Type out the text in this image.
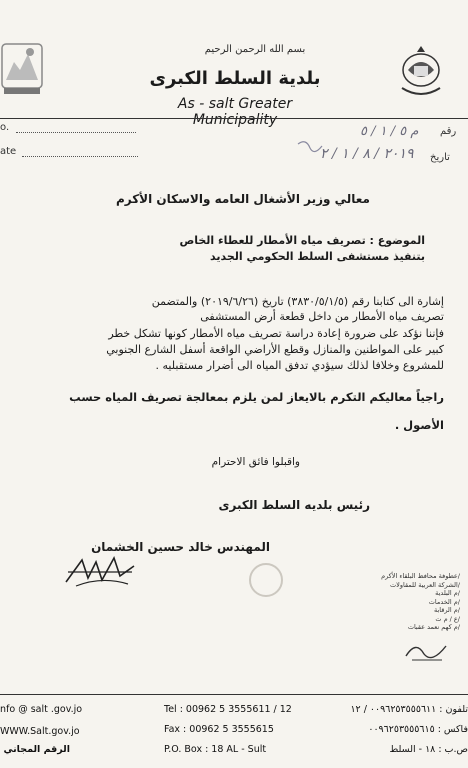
بسم الله الرحمن الرحيم
بلدية السلط الكبرى
As - salt Greater Municipality
o.
ate
رقم
تاريخ
م ٥ / ١ / ٥
٢٠١٩ / ٨ / ١ / ٢
معالي وزير الأشغال العامه والاسكان الأكرم
الموضوع : تصريف مياه الأمطار للعطاء الخاص
بتنفيذ مستشفى السلط الحكومي الجديد
إشارة الى كتابنا رقم (٣٨٣٠/٥/١/٥) تاريخ (٢٠١٩/٦/٢٦) والمتضمن
تصريف مياه الأمطار من داخل قطعة أرض المستشفى
فإننا نؤكد على ضرورة إعادة دراسة تصريف مياه الأمطار كونها تشكل خطر
كبير على المواطنين والمنازل وقطع الأراضي الواقعة أسفل الشارع الجنوبي
للمشروع وخلافا لذلك سيؤدي تدفق المياه الى أضرار مستقبليه .
راجياً معاليكم التكرم بالايعاز لمن يلزم بمعالجة تصريف المياه حسب
الأصول .
واقبلوا فائق الاحترام
رئيس بلديه السلط الكبرى
المهندس خالد حسين الخشمان
/عطوفة محافظ البلقاء الأكرم
/الشركة العربية للمقاولات
/م البلدية
/م الخدمات
/م الرقابة
/ع / م ت
/م كهم نعمد عقبات
nfo @ salt .gov.jo
WWW.Salt.gov.jo
الرقم المجاني
Tel : 00962 5 3555611 / 12
Fax : 00962 5 3555615
P.O. Box : 18 AL - Sult
تلفون : ٠٠٩٦٢٥٣٥٥٥٦١١ / ١٢
فاكس : ٠٠٩٦٢٥٣٥٥٥٦١٥
ص.ب : ١٨ - السلط
